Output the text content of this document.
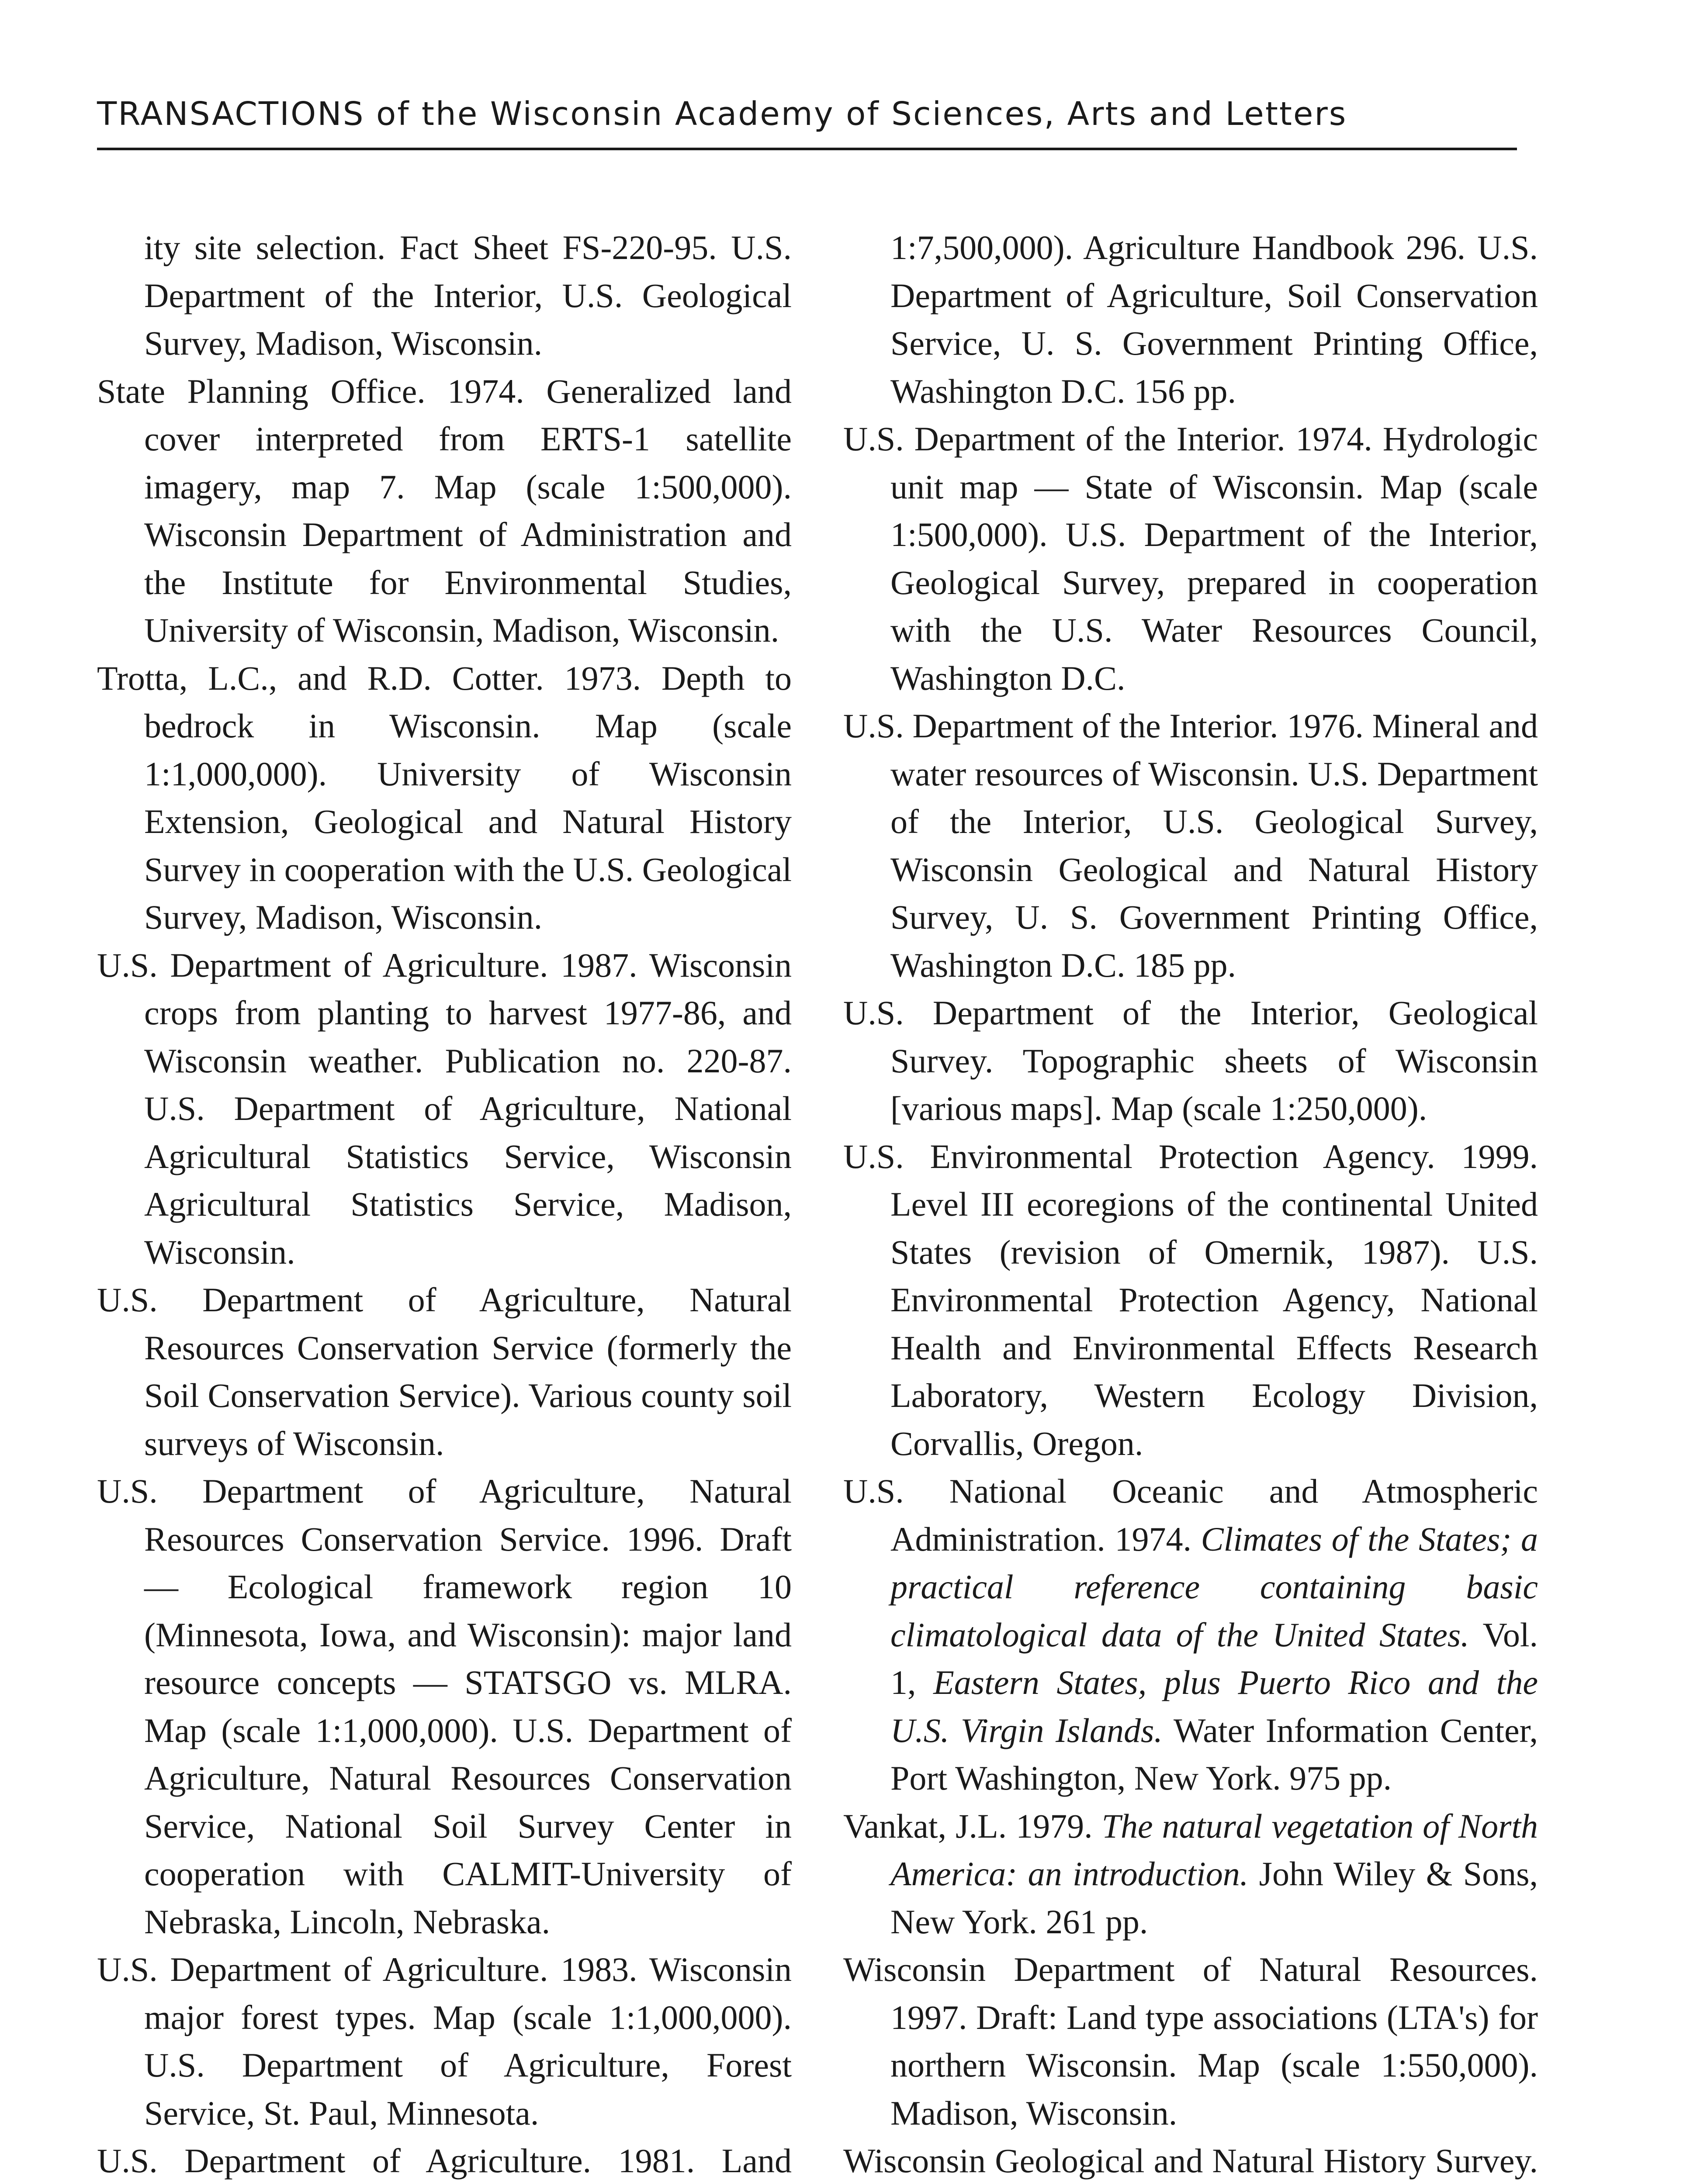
TRANSACTIONS of the Wisconsin Academy of Sciences, Arts and Letters

ity site selection. Fact Sheet FS-220-95. U.S. Department of the Interior, U.S. Geological Survey, Madison, Wisconsin.

State Planning Office. 1974. Generalized land cover interpreted from ERTS-1 satellite imagery, map 7. Map (scale 1:500,000). Wisconsin Department of Administration and the Institute for Environmental Studies, University of Wisconsin, Madison, Wisconsin.

Trotta, L.C., and R.D. Cotter. 1973. Depth to bedrock in Wisconsin. Map (scale 1:1,000,000). University of Wisconsin Extension, Geological and Natural History Survey in cooperation with the U.S. Geological Survey, Madison, Wisconsin.

U.S. Department of Agriculture. 1987. Wisconsin crops from planting to harvest 1977-86, and Wisconsin weather. Publication no. 220-87. U.S. Department of Agriculture, National Agricultural Statistics Service, Wisconsin Agricultural Statistics Service, Madison, Wisconsin.

U.S. Department of Agriculture, Natural Resources Conservation Service (formerly the Soil Conservation Service). Various county soil surveys of Wisconsin.

U.S. Department of Agriculture, Natural Resources Conservation Service. 1996. Draft — Ecological framework region 10 (Minnesota, Iowa, and Wisconsin): major land resource concepts — STATSGO vs. MLRA. Map (scale 1:1,000,000). U.S. Department of Agriculture, Natural Resources Conservation Service, National Soil Survey Center in cooperation with CALMIT-University of Nebraska, Lincoln, Nebraska.

U.S. Department of Agriculture. 1983. Wisconsin major forest types. Map (scale 1:1,000,000). U.S. Department of Agriculture, Forest Service, St. Paul, Minnesota.

U.S. Department of Agriculture. 1981. Land

1:7,500,000). Agriculture Handbook 296. U.S. Department of Agriculture, Soil Conservation Service, U. S. Government Printing Office, Washington D.C. 156 pp.

U.S. Department of the Interior. 1974. Hydrologic unit map — State of Wisconsin. Map (scale 1:500,000). U.S. Department of the Interior, Geological Survey, prepared in cooperation with the U.S. Water Resources Council, Washington D.C.

U.S. Department of the Interior. 1976. Mineral and water resources of Wisconsin. U.S. Department of the Interior, U.S. Geological Survey, Wisconsin Geological and Natural History Survey, U. S. Government Printing Office, Washington D.C. 185 pp.

U.S. Department of the Interior, Geological Survey. Topographic sheets of Wisconsin [various maps]. Map (scale 1:250,000).

U.S. Environmental Protection Agency. 1999. Level III ecoregions of the continental United States (revision of Omernik, 1987). U.S. Environmental Protection Agency, National Health and Environmental Effects Research Laboratory, Western Ecology Division, Corvallis, Oregon.

U.S. National Oceanic and Atmospheric Administration. 1974. Climates of the States; a practical reference containing basic climatological data of the United States. Vol. 1, Eastern States, plus Puerto Rico and the U.S. Virgin Islands. Water Information Center, Port Washington, New York. 975 pp.

Vankat, J.L. 1979. The natural vegetation of North America: an introduction. John Wiley & Sons, New York. 261 pp.

Wisconsin Department of Natural Resources. 1997. Draft: Land type associations (LTA's) for northern Wisconsin. Map (scale 1:550,000). Madison, Wisconsin.

Wisconsin Geological and Natural History Survey.
